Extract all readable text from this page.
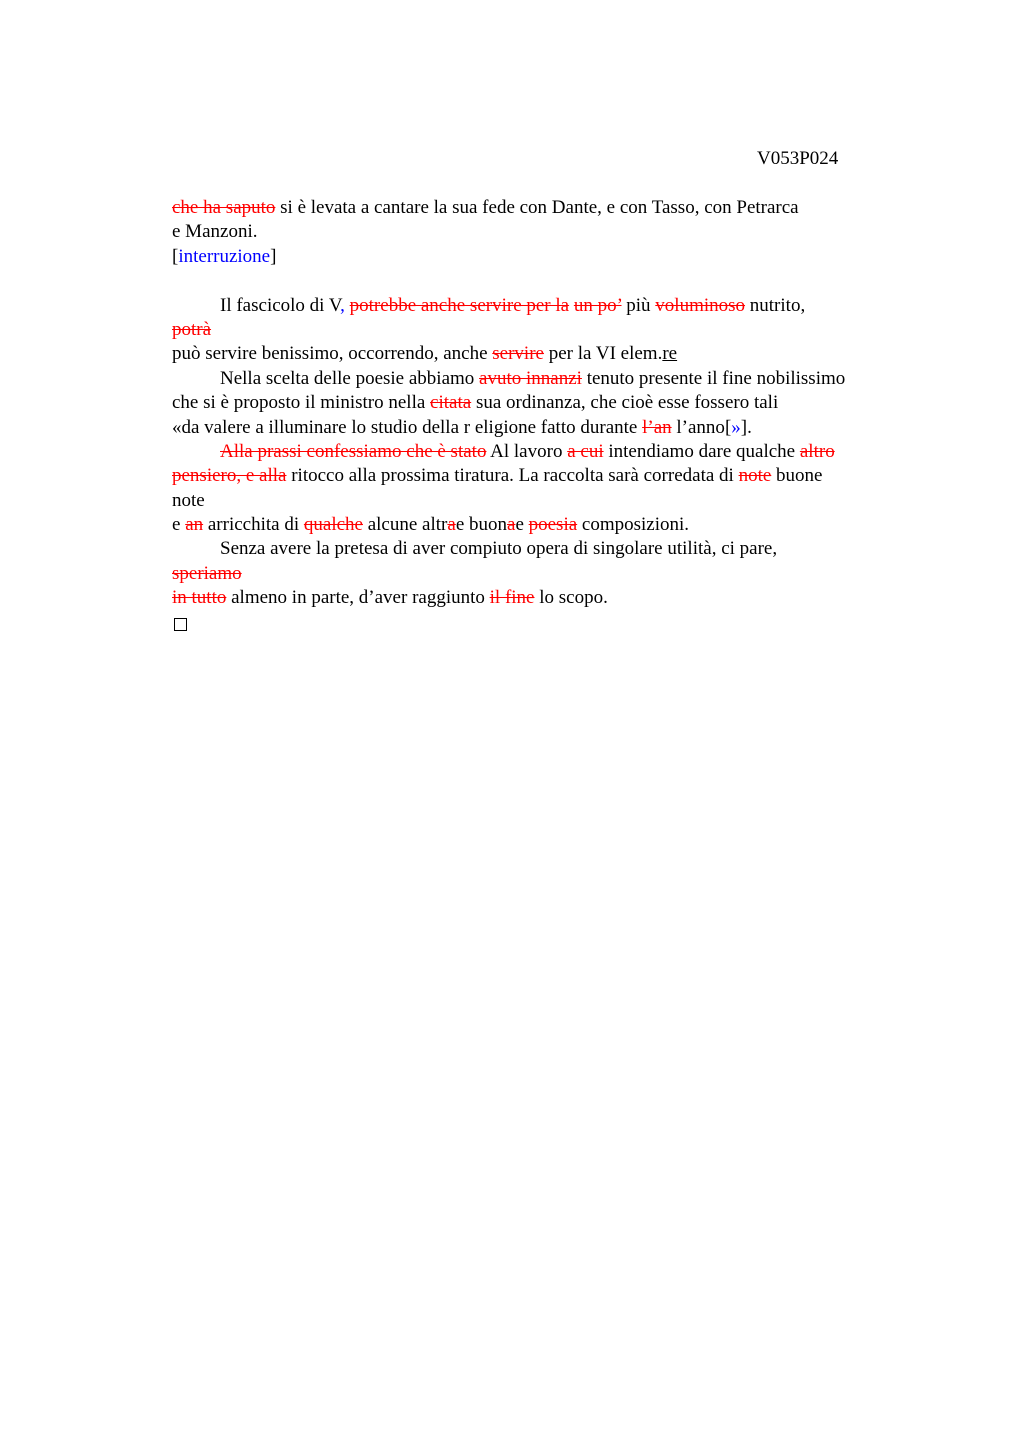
V053P024
che ha saputo si è levata a cantare la sua fede con Dante, e con Tasso, con Petrarca
e Manzoni.
[interruzione]
Il fascicolo di V, potrebbe anche servire per la un po’ più voluminoso nutrito,
potrà
può servire benissimo, occorrendo, anche servire per la VI elem.re
Nella scelta delle poesie abbiamo avuto innanzi tenuto presente il fine nobilissimo
che si è proposto il ministro nella citata sua ordinanza, che cioè esse fossero tali
«da valere a illuminare lo studio della r eligione fatto durante l’an l’anno[»].
Alla prassi confessiamo che è stato Al lavoro a cui intendiamo dare qualche altro
pensiero, e alla ritocco alla prossima tiratura. La raccolta sarà corredata di note buone
note
e an arricchita di qualche alcune altrae buonae poesia composizioni.
Senza avere la pretesa di aver compiuto opera di singolare utilità, ci pare,
speriamo
in tutto almeno in parte, d’aver raggiunto il fine lo scopo.
